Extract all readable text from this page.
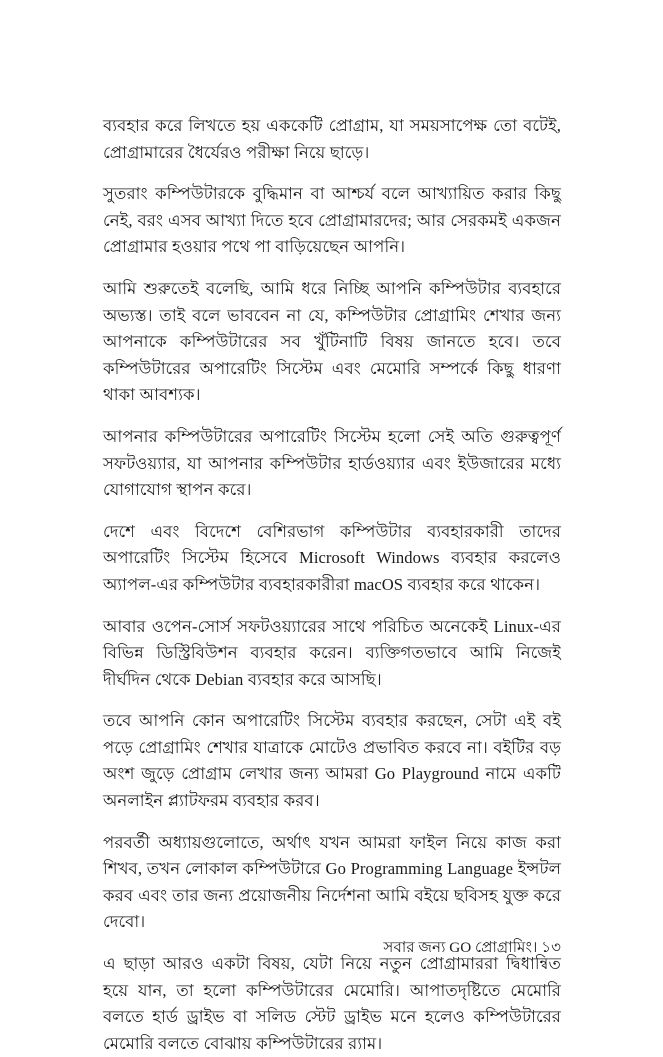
ব্যবহার করে লিখতে হয় এককেটি প্রোগ্রাম, যা সময়সাপেক্ষ তো বটেই, প্রোগ্রামারের ধৈর্যেরও পরীক্ষা নিয়ে ছাড়ে।

সুতরাং কম্পিউটারকে বুদ্ধিমান বা আশ্চর্য বলে আখ্যায়িত করার কিছু নেই, বরং এসব আখ্যা দিতে হবে প্রোগ্রামারদের; আর সেরকমই একজন প্রোগ্রামার হওয়ার পথে পা বাড়িয়েছেন আপনি।

আমি শুরুতেই বলেছি, আমি ধরে নিচ্ছি আপনি কম্পিউটার ব্যবহারে অভ্যস্ত। তাই বলে ভাববেন না যে, কম্পিউটার প্রোগ্রামিং শেখার জন্য আপনাকে কম্পিউটারের সব খুঁটিনাটি বিষয় জানতে হবে। তবে কম্পিউটারের অপারেটিং সিস্টেম এবং মেমোরি সম্পর্কে কিছু ধারণা থাকা আবশ্যক।

আপনার কম্পিউটারের অপারেটিং সিস্টেম হলো সেই অতি গুরুত্বপূর্ণ সফটওয়্যার, যা আপনার কম্পিউটার হার্ডওয়্যার এবং ইউজারের মধ্যে যোগাযোগ স্থাপন করে।

দেশে এবং বিদেশে বেশিরভাগ কম্পিউটার ব্যবহারকারী তাদের অপারেটিং সিস্টেম হিসেবে Microsoft Windows ব্যবহার করলেও অ্যাপল-এর কম্পিউটার ব্যবহারকারীরা macOS ব্যবহার করে থাকেন।

আবার ওপেন-সোর্স সফটওয়্যারের সাথে পরিচিত অনেকেই Linux-এর বিভিন্ন ডিস্ট্রিবিউশন ব্যবহার করেন। ব্যক্তিগতভাবে আমি নিজেই দীর্ঘদিন থেকে Debian ব্যবহার করে আসছি।

তবে আপনি কোন অপারেটিং সিস্টেম ব্যবহার করছেন, সেটা এই বই পড়ে প্রোগ্রামিং শেখার যাত্রাকে মোটেও প্রভাবিত করবে না। বইটির বড় অংশ জুড়ে প্রোগ্রাম লেখার জন্য আমরা Go Playground নামে একটি অনলাইন প্ল্যাটফরম ব্যবহার করব।

পরবর্তী অধ্যায়গুলোতে, অর্থাৎ যখন আমরা ফাইল নিয়ে কাজ করা শিখব, তখন লোকাল কম্পিউটারে Go Programming Language ইন্সটল করব এবং তার জন্য প্রয়োজনীয় নির্দেশনা আমি বইয়ে ছবিসহ যুক্ত করে দেবো।

এ ছাড়া আরও একটা বিষয়, যেটা নিয়ে নতুন প্রোগ্রামাররা দ্বিধান্বিত হয়ে যান, তা হলো কম্পিউটারের মেমোরি। আপাতদৃষ্টিতে মেমোরি বলতে হার্ড ড্রাইভ বা সলিড স্টেট ড্রাইভ মনে হলেও কম্পিউটারের মেমোরি বলতে বোঝায় কম্পিউটারের র‍্যাম।

সবার জন্য GO প্রোগ্রামিং। ১৩
